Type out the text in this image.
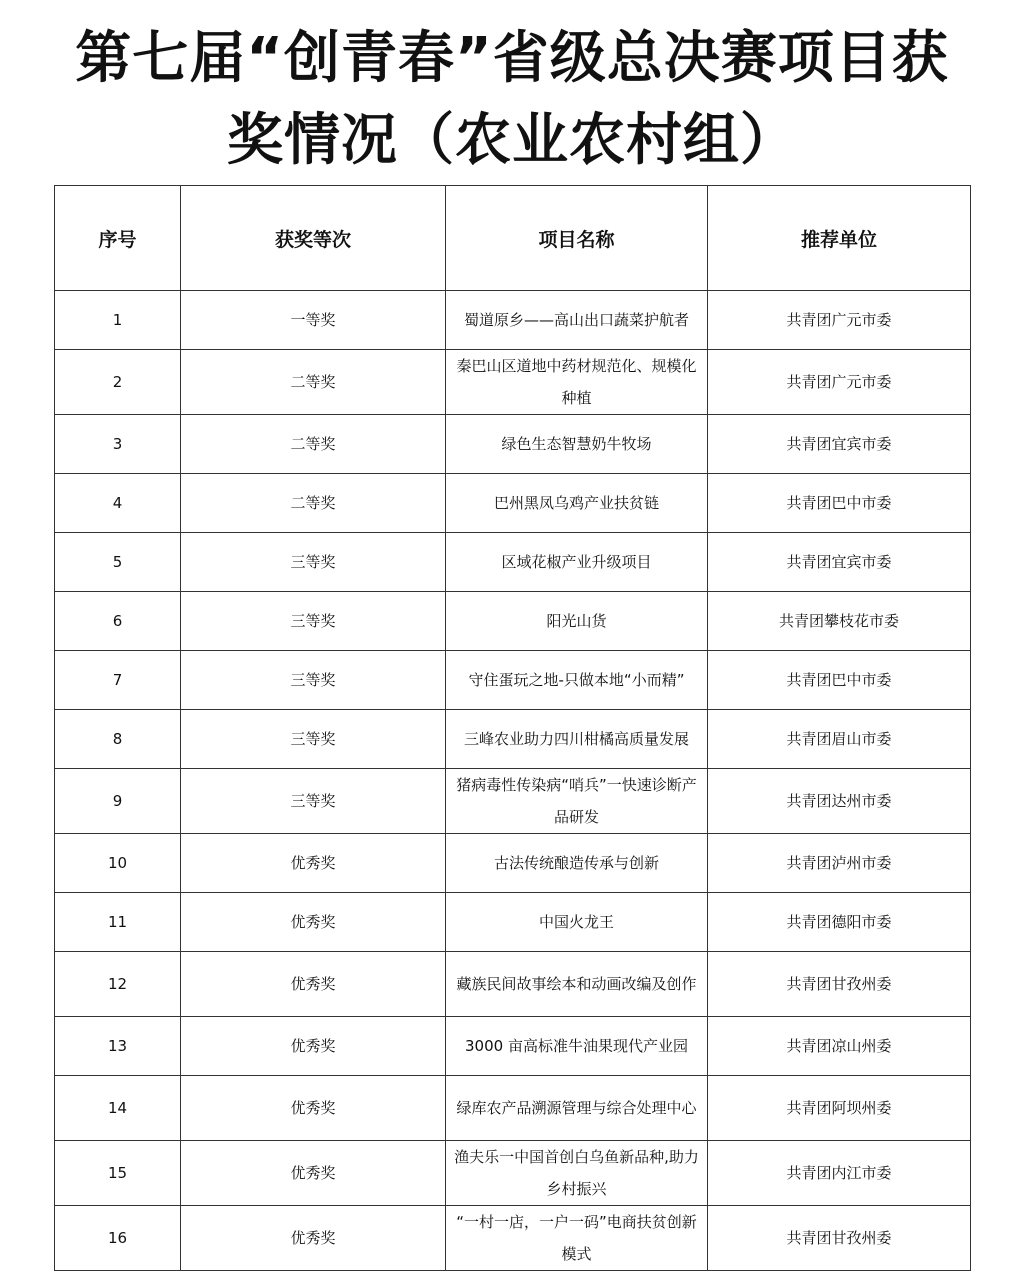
第七届“创青春”省级总决赛项目获
奖情况（农业农村组）
序号	获奖等次	项目名称	推荐单位
1	一等奖	蜀道原乡——高山出口蔬菜护航者	共青团广元市委
2	二等奖	秦巴山区道地中药材规范化、规模化种植	共青团广元市委
3	二等奖	绿色生态智慧奶牛牧场	共青团宜宾市委
4	二等奖	巴州黑凤乌鸡产业扶贫链	共青团巴中市委
5	三等奖	区域花椒产业升级项目	共青团宜宾市委
6	三等奖	阳光山货	共青团攀枝花市委
7	三等奖	守住蛋玩之地-只做本地“小而精”	共青团巴中市委
8	三等奖	三峰农业助力四川柑橘高质量发展	共青团眉山市委
9	三等奖	猪病毒性传染病“哨兵”一快速诊断产品研发	共青团达州市委
10	优秀奖	古法传统酿造传承与创新	共青团泸州市委
11	优秀奖	中国火龙王	共青团德阳市委
12	优秀奖	藏族民间故事绘本和动画改编及创作	共青团甘孜州委
13	优秀奖	3000 亩高标准牛油果现代产业园	共青团凉山州委
14	优秀奖	绿库农产品溯源管理与综合处理中心	共青团阿坝州委
15	优秀奖	渔夫乐一中国首创白乌鱼新品种,助力乡村振兴	共青团内江市委
16	优秀奖	“一村一店，一户一码”电商扶贫创新模式	共青团甘孜州委
